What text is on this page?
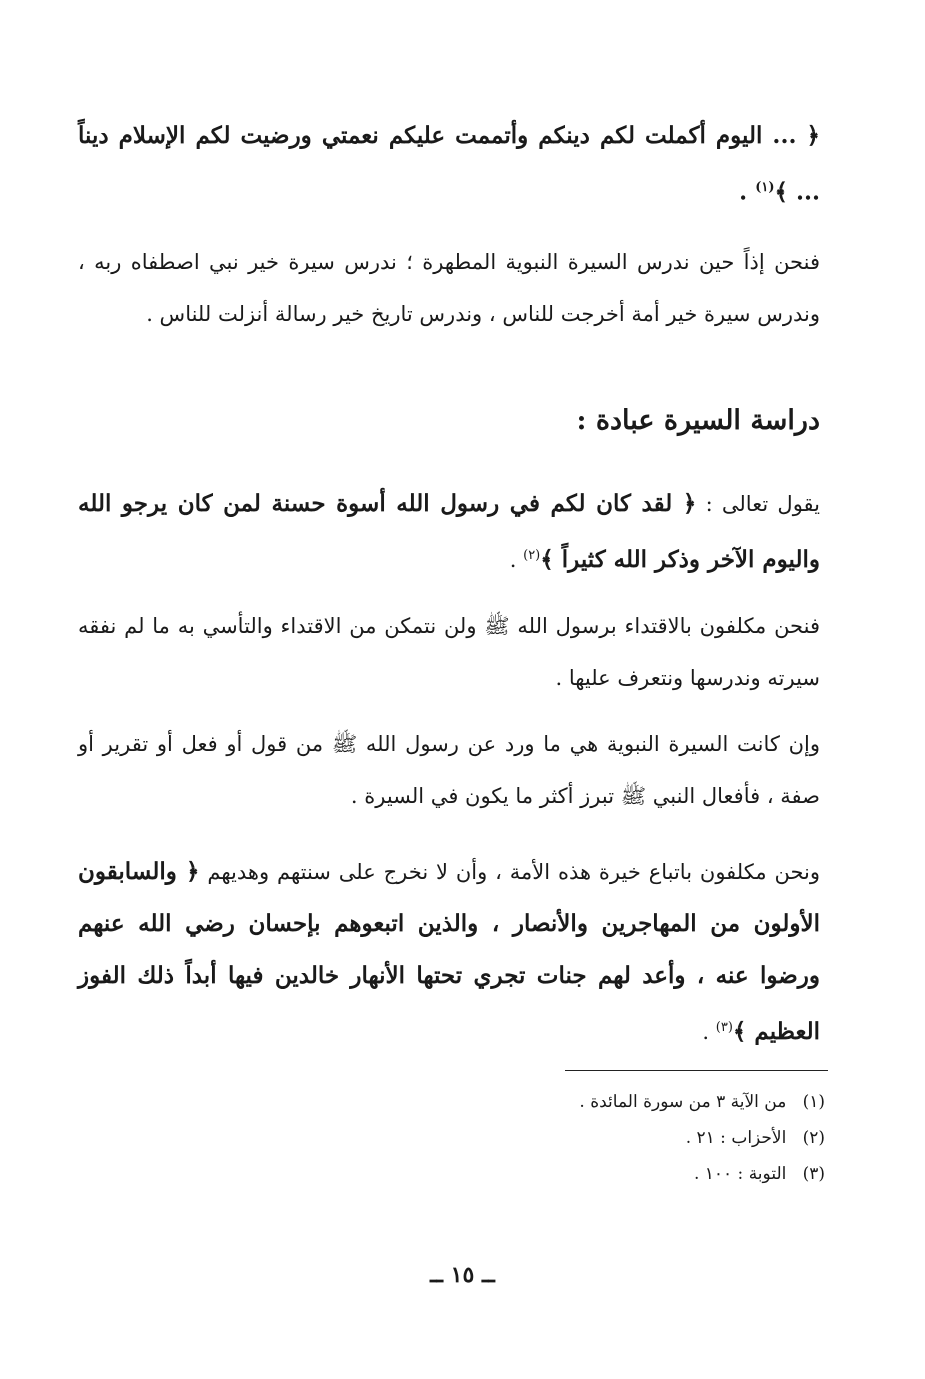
﴿ ... اليوم أكملت لكم دينكم وأتممت عليكم نعمتي ورضيت لكم الإسلام ديناً ... ﴾$^{(١)}$ .

فنحن إذاً حين ندرس السيرة النبوية المطهرة ؛ ندرس سيرة خير نبي اصطفاه ربه ، وندرس سيرة خير أمة أخرجت للناس ، وندرس تاريخ خير رسالة أنزلت للناس .

دراسة السيرة عبادة :

يقول تعالى : ﴿ لقد كان لكم في رسول الله أسوة حسنة لمن كان يرجو الله واليوم الآخر وذكر الله كثيراً ﴾$^{(٢)}$ .

فنحن مكلفون بالاقتداء برسول الله ﷺ ولن نتمكن من الاقتداء والتأسي به ما لم نفقه سيرته وندرسها ونتعرف عليها .

وإن كانت السيرة النبوية هي ما ورد عن رسول الله ﷺ من قول أو فعل أو تقرير أو صفة ، فأفعال النبي ﷺ تبرز أكثر ما يكون في السيرة .

ونحن مكلفون باتباع خيرة هذه الأمة ، وأن لا نخرج على سنتهم وهديهم ﴿ والسابقون الأولون من المهاجرين والأنصار ، والذين اتبعوهم بإحسان رضي الله عنهم ورضوا عنه ، وأعد لهم جنات تجري تحتها الأنهار خالدين فيها أبداً ذلك الفوز العظيم ﴾$^{(٣)}$ .

(١)   من الآية ٣ من سورة المائدة .

(٢)   الأحزاب : ٢١ .

(٣)   التوبة : ١٠٠ .

ــ ١٥ ــ
